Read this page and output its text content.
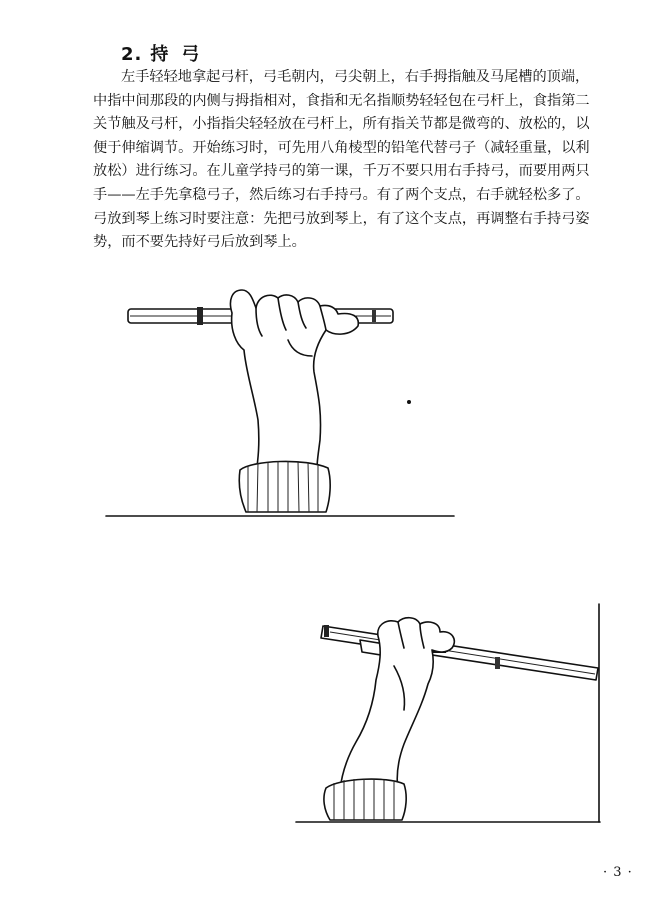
2. 持 弓
左手轻轻地拿起弓杆，弓毛朝内，弓尖朝上，右手拇指触及马尾槽的顶端，
中指中间那段的内侧与拇指相对，食指和无名指顺势轻轻包在弓杆上，食指第二
关节触及弓杆，小指指尖轻轻放在弓杆上，所有指关节都是微弯的、放松的，以
便于伸缩调节。开始练习时，可先用八角棱型的铅笔代替弓子（减轻重量，以利
放松）进行练习。在儿童学持弓的第一课，千万不要只用右手持弓，而要用两只
手——左手先拿稳弓子，然后练习右手持弓。有了两个支点，右手就轻松多了。
弓放到琴上练习时要注意：先把弓放到琴上，有了这个支点，再调整右手持弓姿
势，而不要先持好弓后放到琴上。
· 3 ·
